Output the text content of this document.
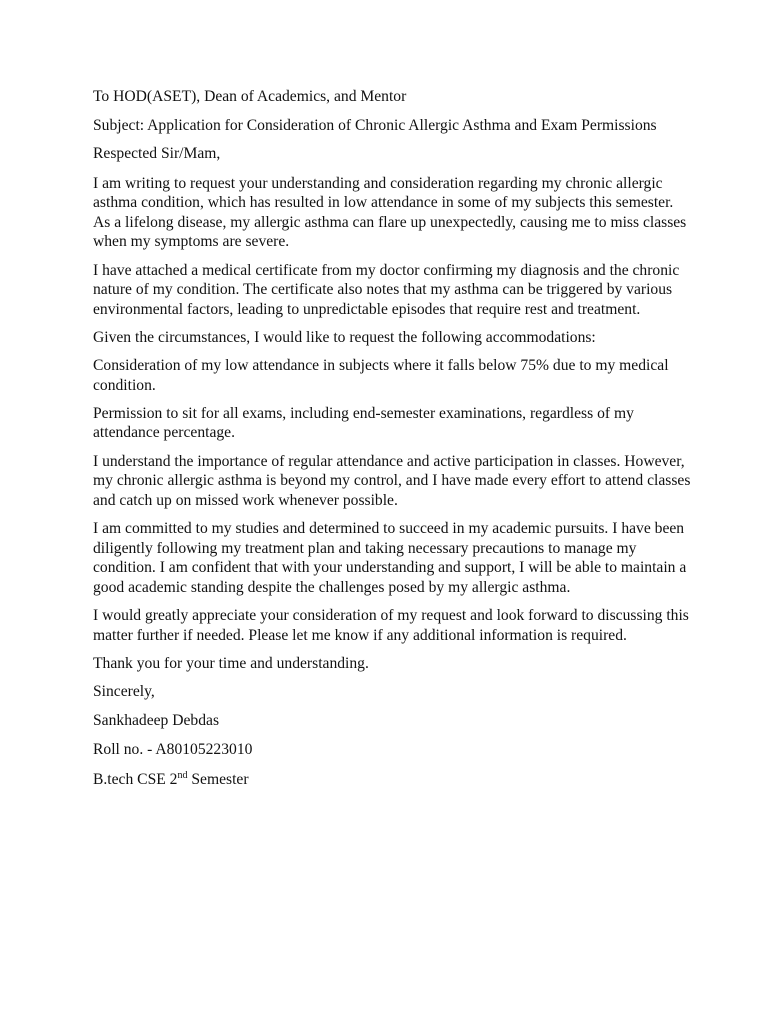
To HOD(ASET), Dean of Academics, and Mentor

Subject: Application for Consideration of Chronic Allergic Asthma and Exam Permissions

Respected Sir/Mam,

I am writing to request your understanding and consideration regarding my chronic allergic asthma condition, which has resulted in low attendance in some of my subjects this semester. As a lifelong disease, my allergic asthma can flare up unexpectedly, causing me to miss classes when my symptoms are severe.

I have attached a medical certificate from my doctor confirming my diagnosis and the chronic nature of my condition. The certificate also notes that my asthma can be triggered by various environmental factors, leading to unpredictable episodes that require rest and treatment.

Given the circumstances, I would like to request the following accommodations:

Consideration of my low attendance in subjects where it falls below 75% due to my medical condition.

Permission to sit for all exams, including end-semester examinations, regardless of my attendance percentage.

I understand the importance of regular attendance and active participation in classes. However, my chronic allergic asthma is beyond my control, and I have made every effort to attend classes and catch up on missed work whenever possible.

I am committed to my studies and determined to succeed in my academic pursuits. I have been diligently following my treatment plan and taking necessary precautions to manage my condition. I am confident that with your understanding and support, I will be able to maintain a good academic standing despite the challenges posed by my allergic asthma.

I would greatly appreciate your consideration of my request and look forward to discussing this matter further if needed. Please let me know if any additional information is required.

Thank you for your time and understanding.

Sincerely,

Sankhadeep Debdas

Roll no. - A80105223010

B.tech CSE 2nd Semester
